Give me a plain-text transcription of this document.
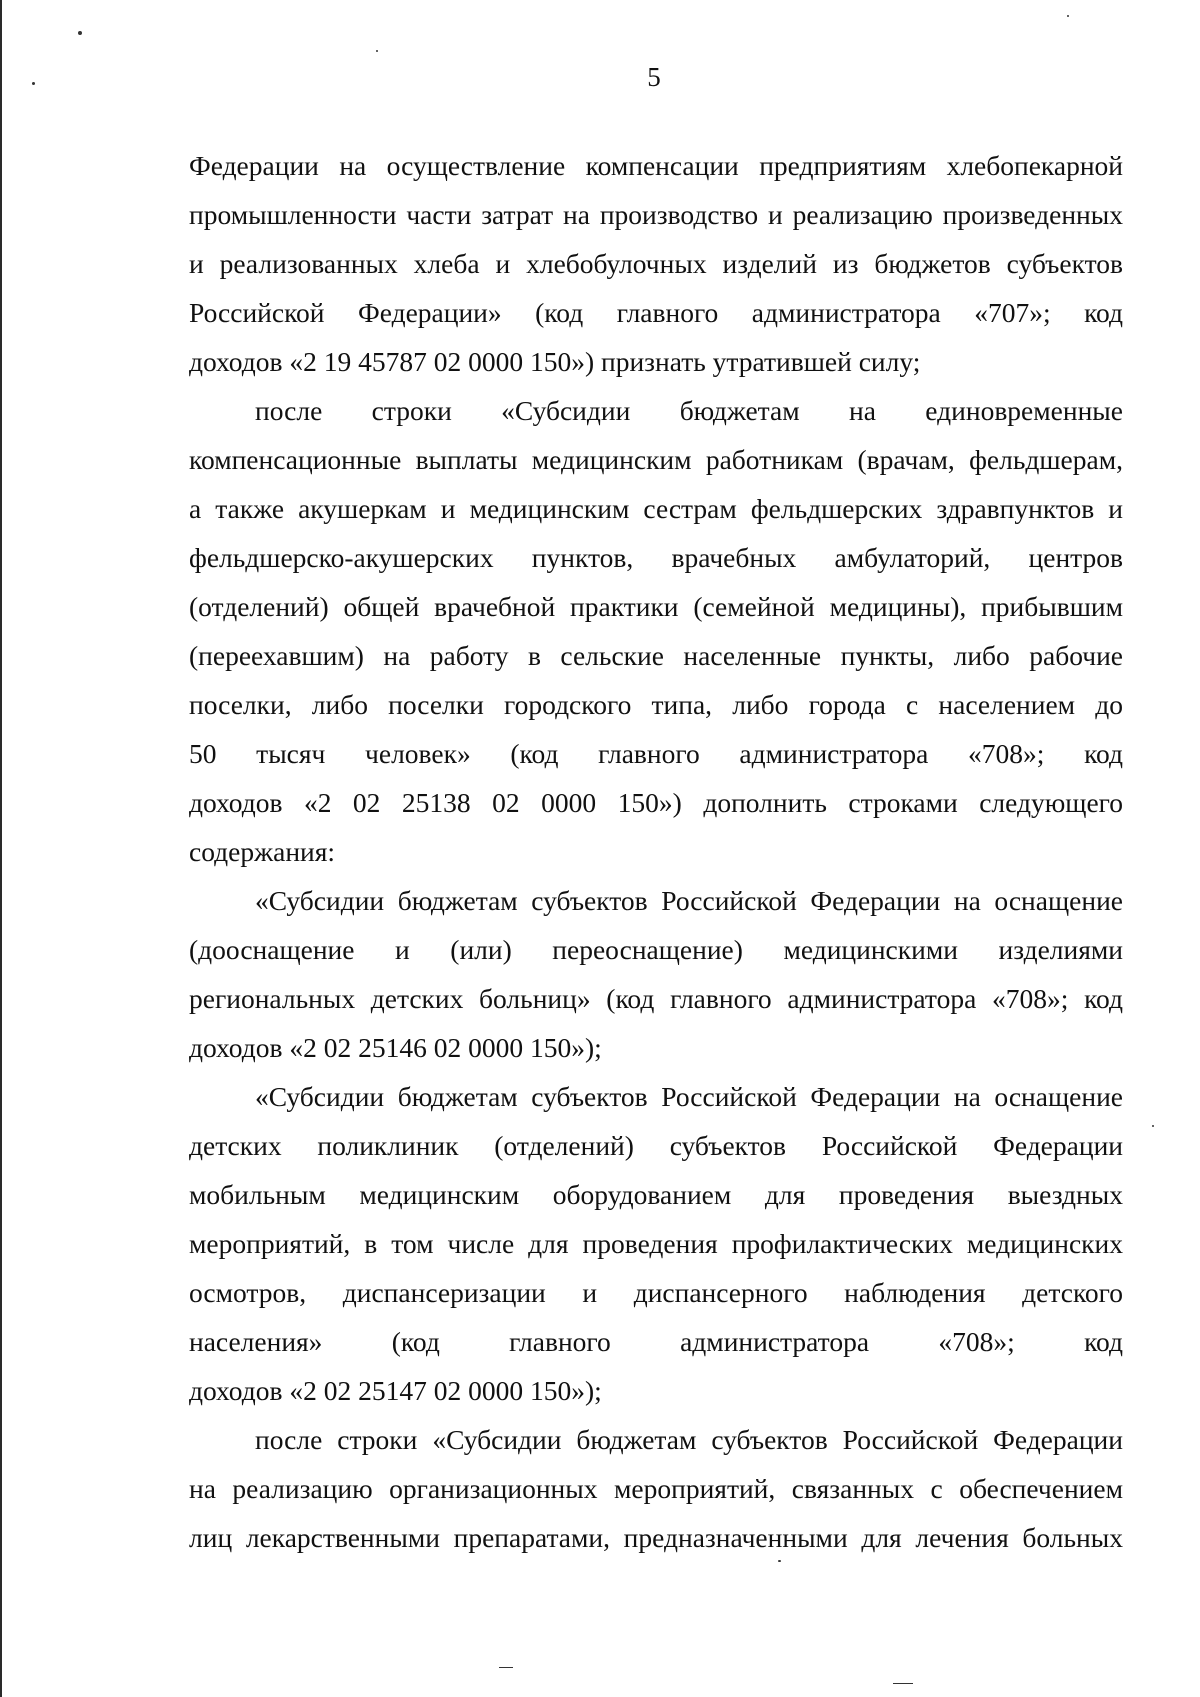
5
Федерации на осуществление компенсации предприятиям хлебопекарной
промышленности части затрат на производство и реализацию произведенных
и реализованных хлеба и хлебобулочных изделий из бюджетов субъектов
Российской Федерации» (код главного администратора «707»; код
доходов «2 19 45787 02 0000 150») признать утратившей силу;
после строки «Субсидии бюджетам на единовременные
компенсационные выплаты медицинским работникам (врачам, фельдшерам,
а также акушеркам и медицинским сестрам фельдшерских здравпунктов и
фельдшерско-акушерских пунктов, врачебных амбулаторий, центров
(отделений) общей врачебной практики (семейной медицины), прибывшим
(переехавшим) на работу в сельские населенные пункты, либо рабочие
поселки, либо поселки городского типа, либо города с населением до
50 тысяч человек» (код главного администратора «708»; код
доходов «2 02 25138 02 0000 150») дополнить строками следующего
содержания:
«Субсидии бюджетам субъектов Российской Федерации на оснащение
(дооснащение и (или) переоснащение) медицинскими изделиями
региональных детских больниц» (код главного администратора «708»; код
доходов «2 02 25146 02 0000 150»);
«Субсидии бюджетам субъектов Российской Федерации на оснащение
детских поликлиник (отделений) субъектов Российской Федерации
мобильным медицинским оборудованием для проведения выездных
мероприятий, в том числе для проведения профилактических медицинских
осмотров, диспансеризации и диспансерного наблюдения детского
населения» (код главного администратора «708»; код
доходов «2 02 25147 02 0000 150»);
после строки «Субсидии бюджетам субъектов Российской Федерации
на реализацию организационных мероприятий, связанных с обеспечением
лиц лекарственными препаратами, предназначенными для лечения больных
